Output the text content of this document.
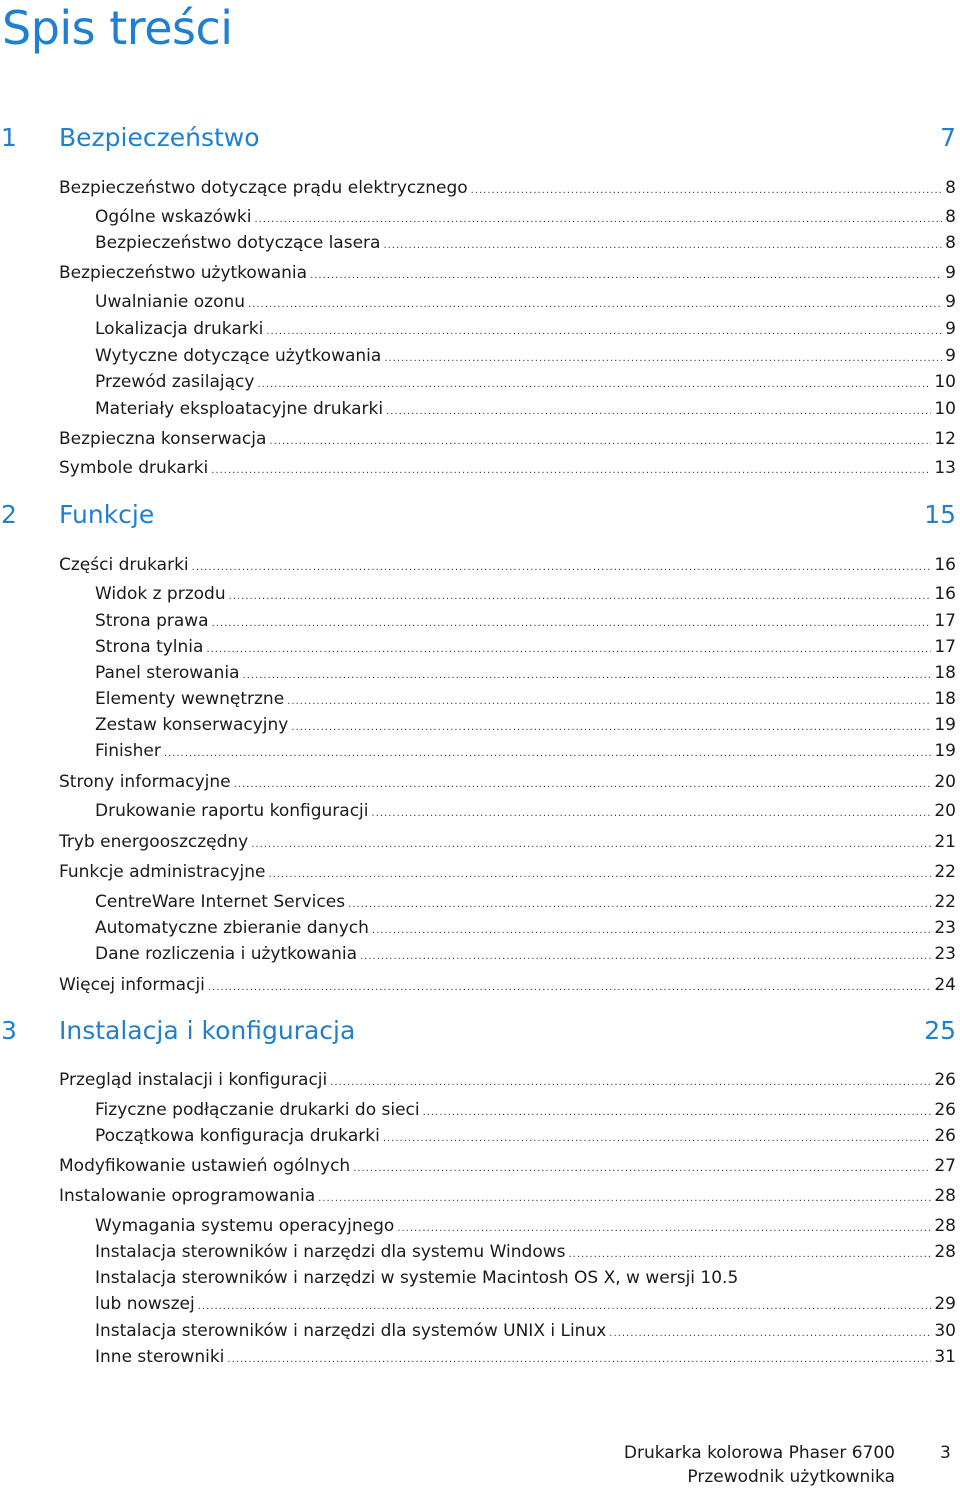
Spis treści
1 Bezpieczeństwo	7
Bezpieczeństwo dotyczące prądu elektrycznego .....	8
Ogólne wskazówki .....	8
Bezpieczeństwo dotyczące lasera .....	8
Bezpieczeństwo użytkowania .....	9
Uwalnianie ozonu .....	9
Lokalizacja drukarki .....	9
Wytyczne dotyczące użytkowania .....	9
Przewód zasilający .....	10
Materiały eksploatacyjne drukarki .....	10
Bezpieczna konserwacja .....	12
Symbole drukarki .....	13
2 Funkcje	15
Części drukarki .....	16
Widok z przodu .....	16
Strona prawa .....	17
Strona tylnia .....	17
Panel sterowania .....	18
Elementy wewnętrzne .....	18
Zestaw konserwacyjny .....	19
Finisher .....	19
Strony informacyjne .....	20
Drukowanie raportu konfiguracji .....	20
Tryb energooszczędny .....	21
Funkcje administracyjne .....	22
CentreWare Internet Services .....	22
Automatyczne zbieranie danych .....	23
Dane rozliczenia i użytkowania .....	23
Więcej informacji .....	24
3 Instalacja i konfiguracja	25
Przegląd instalacji i konfiguracji .....	26
Fizyczne podłączanie drukarki do sieci .....	26
Początkowa konfiguracja drukarki .....	26
Modyfikowanie ustawień ogólnych .....	27
Instalowanie oprogramowania .....	28
Wymagania systemu operacyjnego .....	28
Instalacja sterowników i narzędzi dla systemu Windows .....	28
Instalacja sterowników i narzędzi w systemie Macintosh OS X, w wersji 10.5
lub nowszej .....	29
Instalacja sterowników i narzędzi dla systemów UNIX i Linux .....	30
Inne sterowniki .....	31
Drukarka kolorowa Phaser 6700
Przewodnik użytkownika
3
